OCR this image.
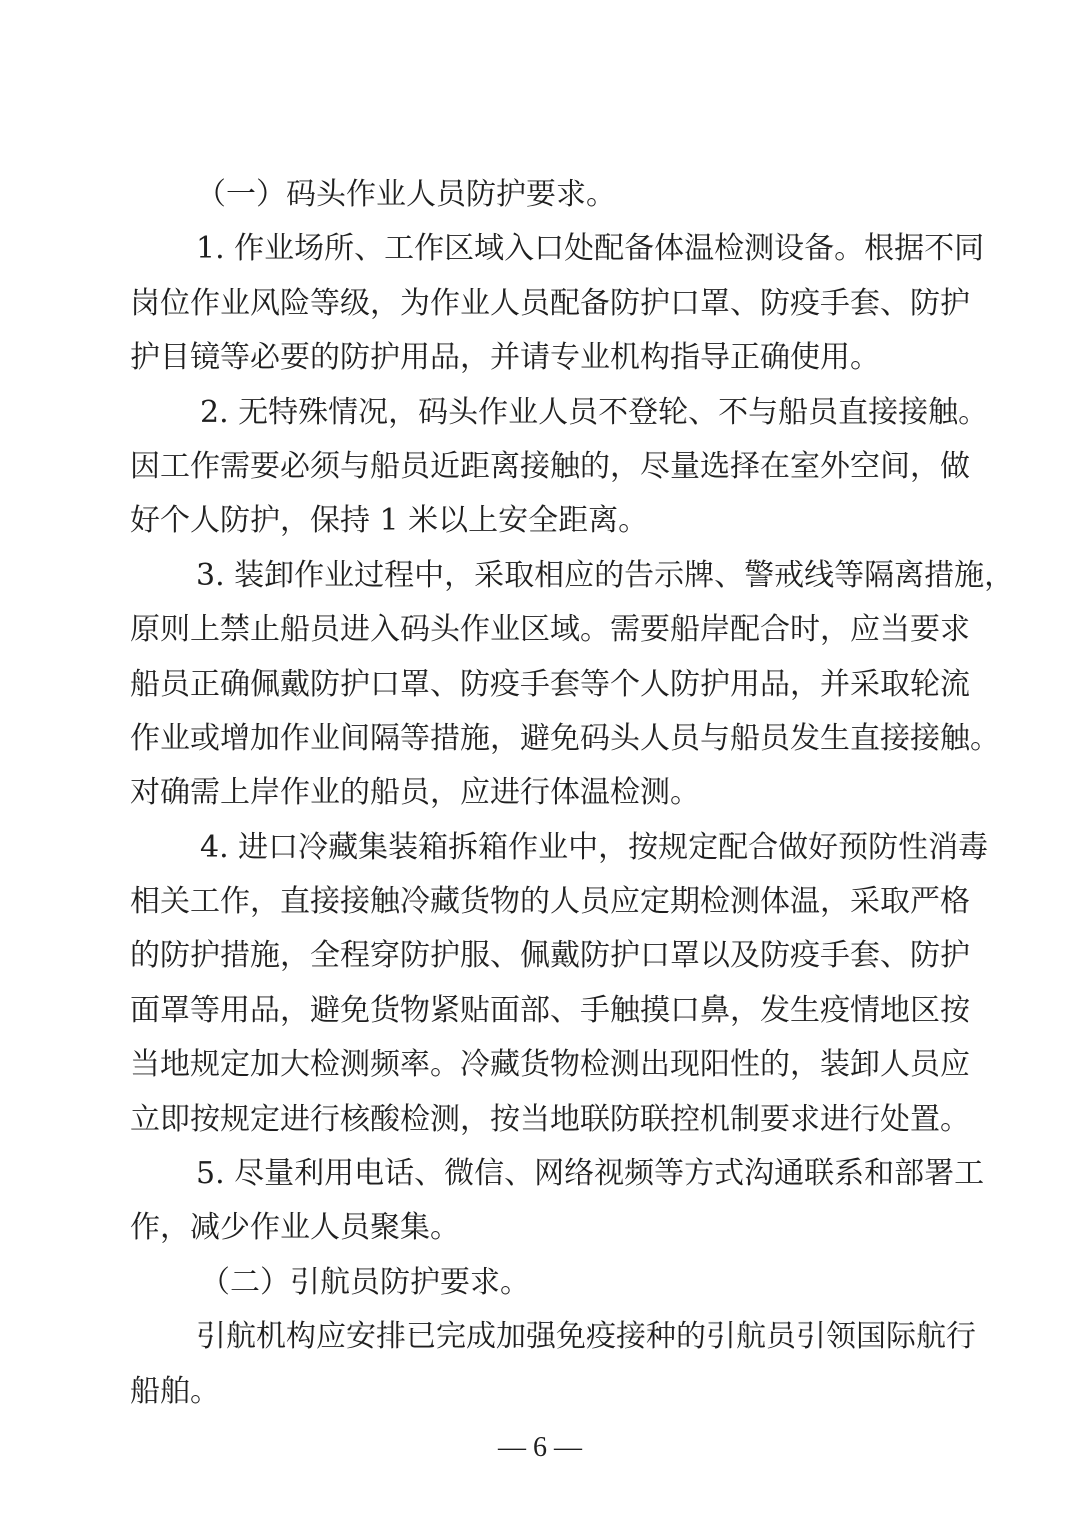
（一）码头作业人员防护要求。
1. 作业场所、工作区域入口处配备体温检测设备。根据不同
岗位作业风险等级，为作业人员配备防护口罩、防疫手套、防护
护目镜等必要的防护用品，并请专业机构指导正确使用。
2. 无特殊情况，码头作业人员不登轮、不与船员直接接触。
因工作需要必须与船员近距离接触的，尽量选择在室外空间，做
好个人防护，保持 1 米以上安全距离。
3. 装卸作业过程中，采取相应的告示牌、警戒线等隔离措施，
原则上禁止船员进入码头作业区域。需要船岸配合时，应当要求
船员正确佩戴防护口罩、防疫手套等个人防护用品，并采取轮流
作业或增加作业间隔等措施，避免码头人员与船员发生直接接触。
对确需上岸作业的船员，应进行体温检测。
4. 进口冷藏集装箱拆箱作业中，按规定配合做好预防性消毒
相关工作，直接接触冷藏货物的人员应定期检测体温，采取严格
的防护措施，全程穿防护服、佩戴防护口罩以及防疫手套、防护
面罩等用品，避免货物紧贴面部、手触摸口鼻，发生疫情地区按
当地规定加大检测频率。冷藏货物检测出现阳性的，装卸人员应
立即按规定进行核酸检测，按当地联防联控机制要求进行处置。
5. 尽量利用电话、微信、网络视频等方式沟通联系和部署工
作，减少作业人员聚集。
（二）引航员防护要求。
引航机构应安排已完成加强免疫接种的引航员引领国际航行
船舶。
— 6 —
